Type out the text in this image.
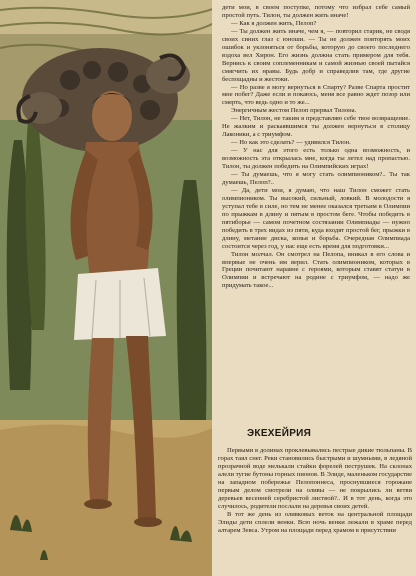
дети мои, в своем поступке, потому что избрал себе самый простой путь. Тилон, ты должен жить иначе!

— Как я должен жить, Пелоп?

— Ты должен жить иначе, чем я, — повторил старик, не сводя своих синих глаз с юноши. — Ты не должен повторять моих ошибок и уклоняться от борьбы, которую до своего последнего вздоха вел Хирон. Его жизнь должна стать примером для тебя. Вернись к своим соплеменникам и самой жизнью своей пытайся смягчить их нравы. Будь добр и справедлив там, где другие беспощадны и жестоки.

— Но разве я могу вернуться в Спарту? Разве Спарта простит мне побег? Даже если и покаюсь, меня все равно ждет позор или смерть, что ведь одно и то же...

Энергичным жестом Пелоп прервал Тилона.

— Нет, Тилон, не таким я представляю себе твое возвращение. Не жалким и раскаявшимся ты должен вернуться в столицу Лаконики, а с триумфом.

— Но как это сделать? — удивился Тилон.

— У нас для этого есть только одна возможность, и возможность эта открылась мне, когда ты летел над пропастью. Тилон, ты должен победить на Олимпийских играх!

— Ты думаешь, что я могу стать олимпиоником?.. Ты так думаешь, Пелоп?..

— Да, дети мои, я думаю, что наш Тилон сможет стать олимпиоником. Ты высокий, сильный, ловкий. В молодости я уступал тебе в силе, но тем не менее оказался третьим в Олимпии по прыжкам в длину и пятым в простом беге. Чтобы победить в пятиборье — самом почетном состязании Олимпиады — нужно победить в трех видах из пяти, куда входят простой бег, прыжки в длину, метание диска, копья и борьба. Очередная Олимпиада состоится через год, у нас еще есть время для подготовки...

Тилон молчал. Он смотрел на Пелопа, вникал в его слова и впервые не очень им верил. Стать олимпиоником, которых в Греции почитают наравне с героями, которым ставят статуи в Олимпии и встречают на родине с триумфом, — надо же придумать такое...

ЭКЕХЕЙРИЯ

Первыми в долинах проклевывались пестрые дикие тюльпаны. В горах таял снег. Реки становились быстрыми и шумными, в ледяной прозрачной воде мелькали стайки форелей пеструшек. На склонах алели тугие бутоны горных пионов. В Элиде, маленьком государстве на западном побережье Пелопоннеса, проснувшиеся горожане первым делом смотрели на оливы — не покрылись ли ветви деревьев весенней серебристой листвой?.. И в тот день, когда это случилось, родители послали на деревья своих детей.

В тот же день из оливковых веток на центральной площади Элиды дети сплели венки. Всю ночь венки лежали в храме перед алтарем Зевса. Утром на площади перед храмом в присутствии
